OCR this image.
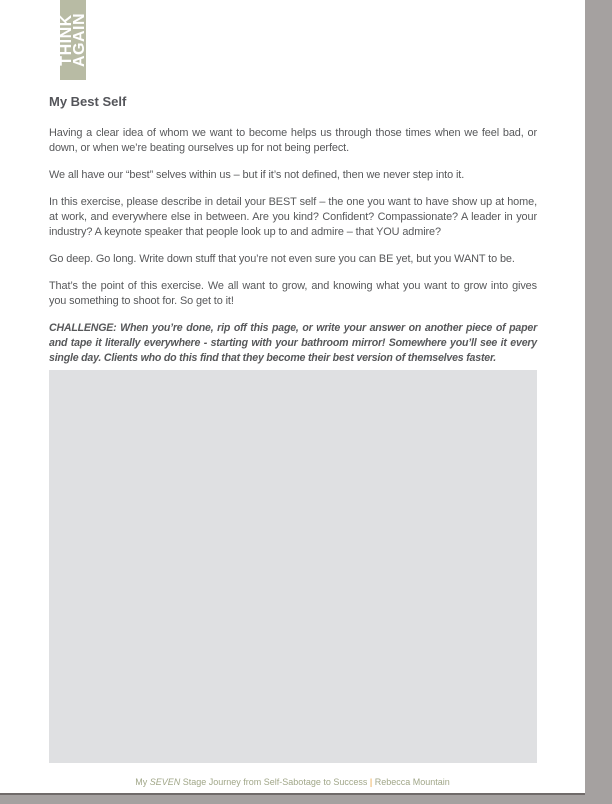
THINK
AGAIN
My Best Self

Having a clear idea of whom we want to become helps us through those times when we feel bad, or down, or when we’re beating ourselves up for not being perfect.

We all have our “best” selves within us – but if it’s not defined, then we never step into it.

In this exercise, please describe in detail your BEST self – the one you want to have show up at home, at work, and everywhere else in between. Are you kind? Confident? Compassionate? A leader in your industry? A keynote speaker that people look up to and admire – that YOU admire?

Go deep. Go long. Write down stuff that you’re not even sure you can BE yet, but you WANT to be.

That’s the point of this exercise. We all want to grow, and knowing what you want to grow into gives you something to shoot for. So get to it!

CHALLENGE: When you’re done, rip off this page, or write your answer on another piece of paper and tape it literally everywhere - starting with your bathroom mirror! Somewhere you’ll see it every single day. Clients who do this find that they become their best version of themselves faster.

My SEVEN Stage Journey from Self-Sabotage to Success | Rebecca Mountain
